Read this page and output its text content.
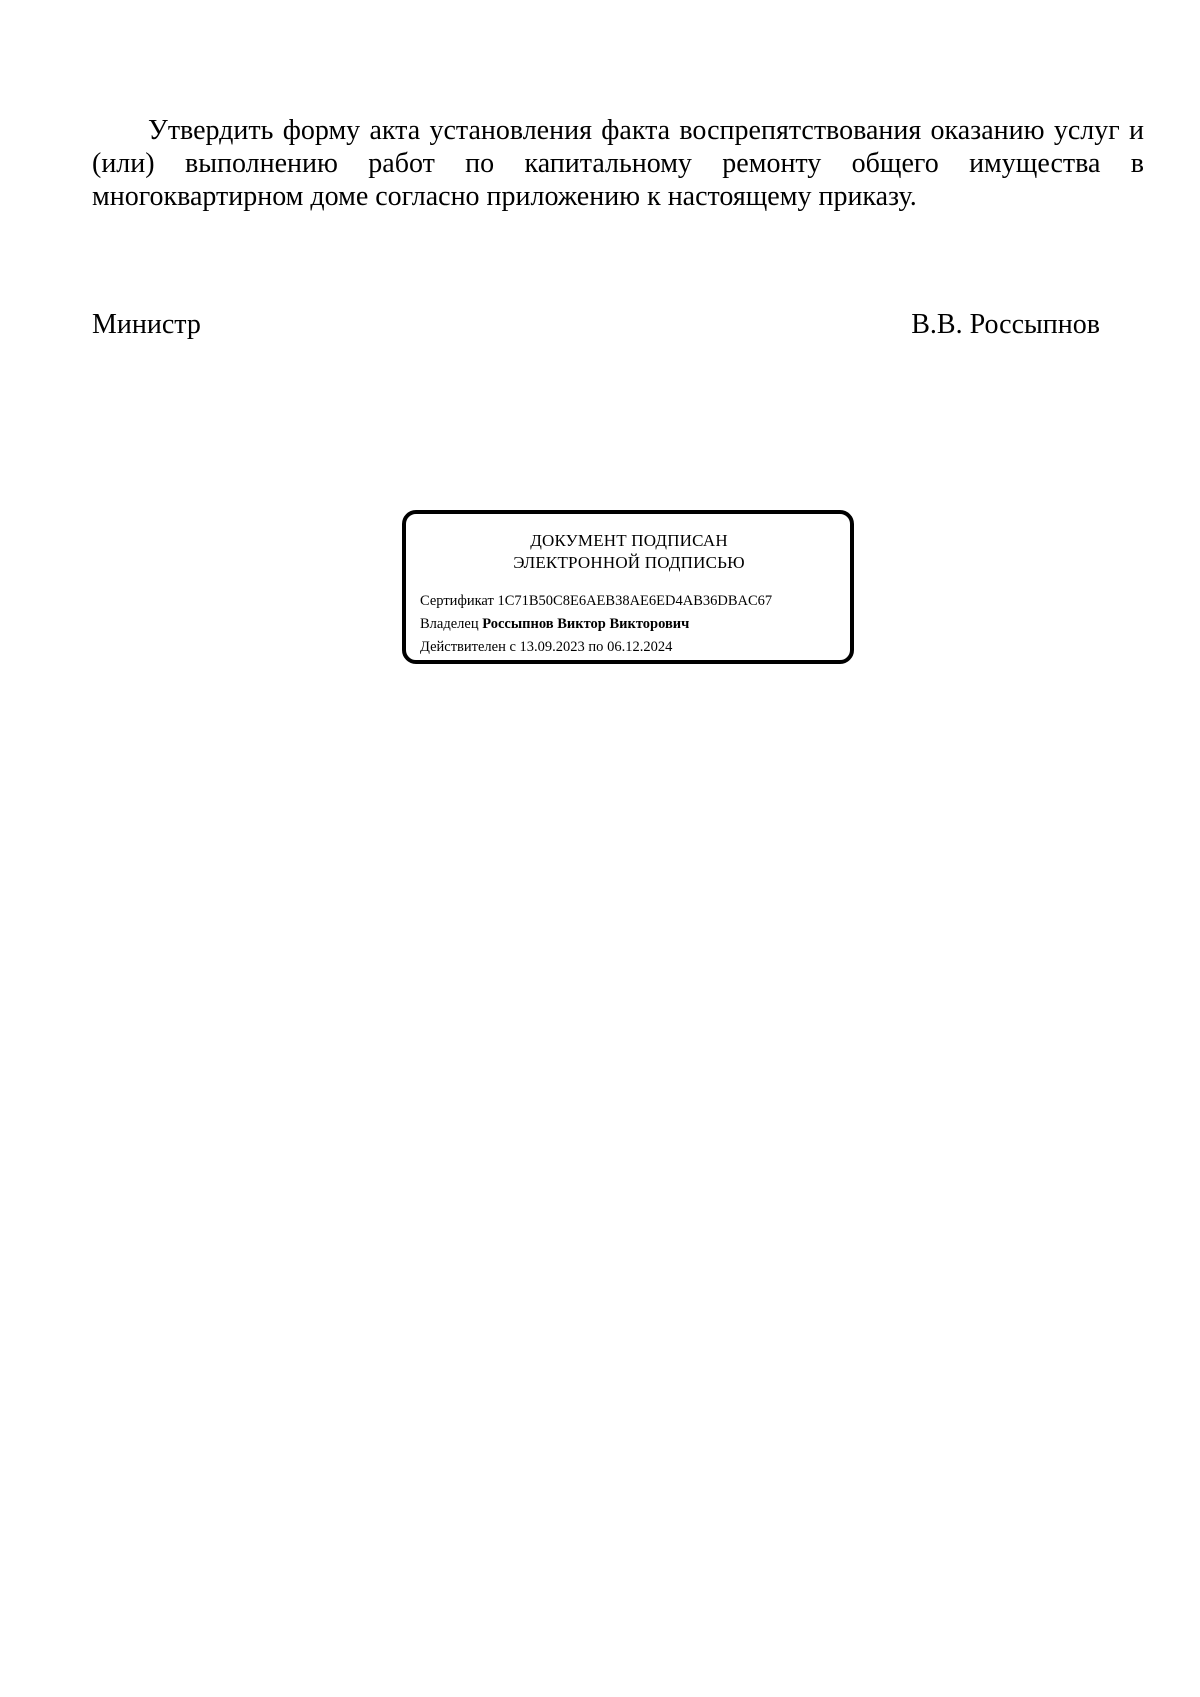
Утвердить форму акта установления факта воспрепятствования оказанию услуг и (или) выполнению работ по капитальному ремонту общего имущества в многоквартирном доме согласно приложению к настоящему приказу.

Министр	В.В. Россыпнов
ДОКУМЕНТ ПОДПИСАН
ЭЛЕКТРОННОЙ ПОДПИСЬЮ
Сертификат 1C71B50C8E6AEB38AE6ED4AB36DBAC67
Владелец Россыпнов Виктор Викторович
Действителен с 13.09.2023 по 06.12.2024
